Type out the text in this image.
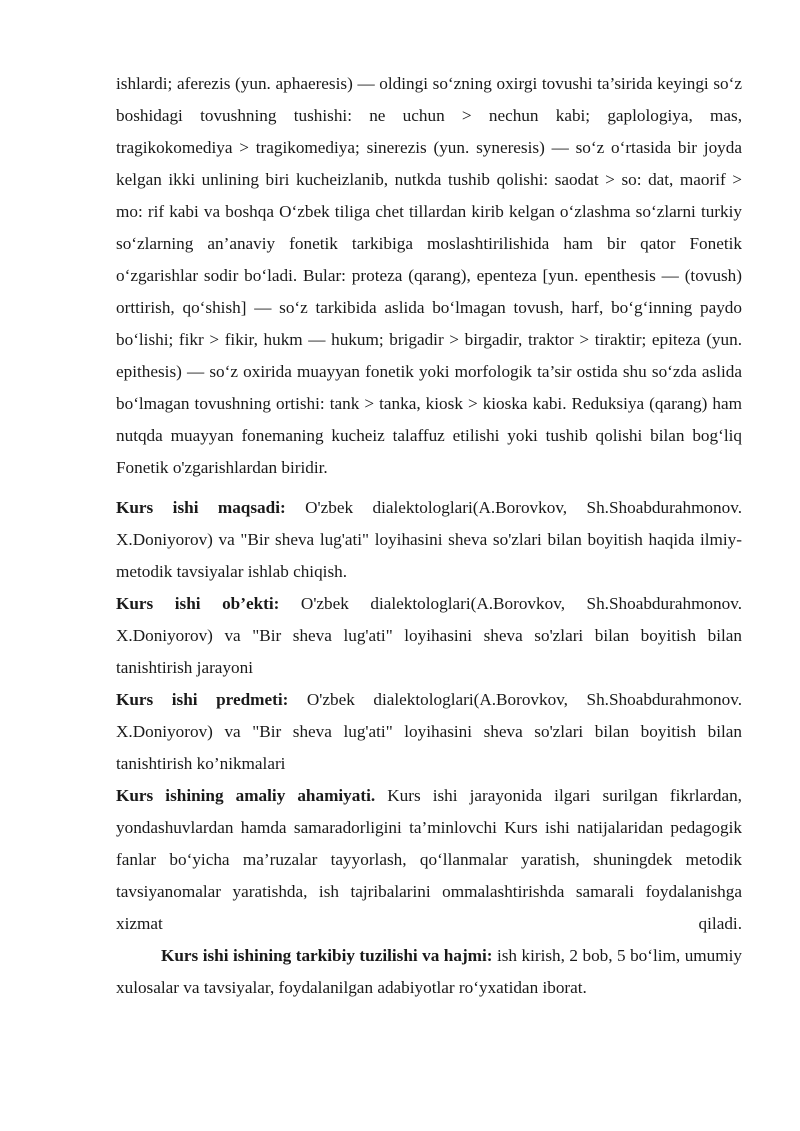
ishlardi; aferezis (yun. aphaeresis) — oldingi so‘zning oxirgi tovushi ta’sirida keyingi so‘z boshidagi tovushning tushishi: ne uchun > nechun kabi; gaplologiya, mas, tragikokomediya > tragikomediya; sinerezis (yun. syneresis) — so‘z o‘rtasida bir joyda kelgan ikki unlining biri kucheizlanib, nutkda tushib qolishi: saodat > so: dat, maorif > mo: rif kabi va boshqa O‘zbek tiliga chet tillardan kirib kelgan o‘zlashma so‘zlarni turkiy so‘zlarning an’anaviy fonetik tarkibiga moslashtirilishida ham bir qator Fonetik o‘zgarishlar sodir bo‘ladi. Bular: proteza (qarang), epenteza [yun. epenthesis — (tovush) orttirish, qo‘shish] — so‘z tarkibida aslida bo‘lmagan tovush, harf, bo‘g‘inning paydo bo‘lishi; fikr > fikir, hukm — hukum; brigadir > birgadir, traktor > tiraktir; epiteza (yun. epithesis) — so‘z oxirida muayyan fonetik yoki morfologik ta’sir ostida shu so‘zda aslida bo‘lmagan tovushning ortishi: tank > tanka, kiosk > kioska kabi. Reduksiya (qarang) ham nutqda muayyan fonemaning kucheiz talaffuz etilishi yoki tushib qolishi bilan bog‘liq Fonetik o'zgarishlardan biridir.

Kurs ishi maqsadi: O'zbek dialektologlari(A.Borovkov, Sh.Shoabdurahmonov. X.Doniyorov) va "Bir sheva lug'ati" loyihasini sheva so'zlari bilan boyitish haqida ilmiy-metodik tavsiyalar ishlab chiqish.

Kurs ishi ob’ekti: O'zbek dialektologlari(A.Borovkov, Sh.Shoabdurahmonov. X.Doniyorov) va "Bir sheva lug'ati" loyihasini sheva so'zlari bilan boyitish bilan tanishtirish jarayoni

Kurs ishi predmeti: O'zbek dialektologlari(A.Borovkov, Sh.Shoabdurahmonov. X.Doniyorov) va "Bir sheva lug'ati" loyihasini sheva so'zlari bilan boyitish bilan tanishtirish ko’nikmalari

Kurs ishining amaliy ahamiyati. Kurs ishi jarayonida ilgari surilgan fikrlardan, yondashuvlardan hamda samaradorligini ta’minlovchi Kurs ishi natijalaridan pedagogik fanlar bo‘yicha ma’ruzalar tayyorlash, qo‘llanmalar yaratish, shuningdek metodik tavsiyanomalar yaratishda, ish tajribalarini ommalashtirishda samarali foydalanishga xizmat qiladi.

Kurs ishi ishining tarkibiy tuzilishi va hajmi: ish kirish, 2 bob, 5 bo‘lim, umumiy xulosalar va tavsiyalar, foydalanilgan adabiyotlar ro‘yxatidan iborat.
